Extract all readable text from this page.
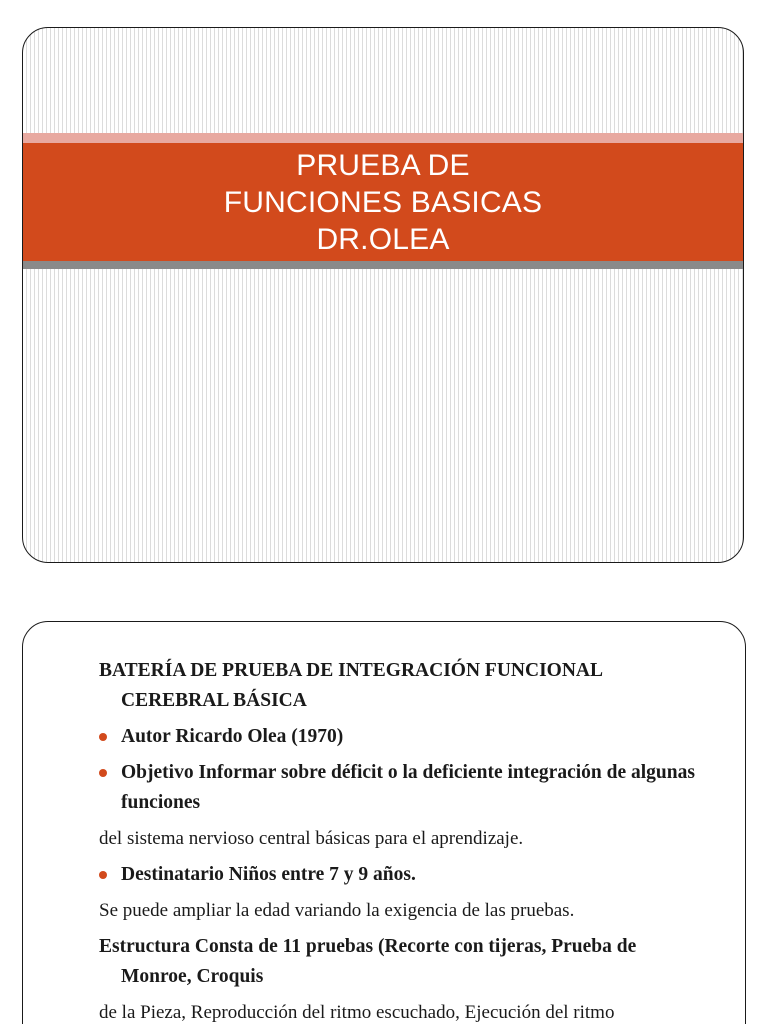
PRUEBA DE
FUNCIONES BASICAS
DR.OLEA
BATERÍA DE PRUEBA DE INTEGRACIÓN FUNCIONAL CEREBRAL BÁSICA
Autor Ricardo Olea (1970)
Objetivo Informar sobre déficit o la deficiente integración de algunas funciones
del sistema nervioso central básicas para el aprendizaje.
Destinatario Niños entre 7 y 9 años.
Se puede ampliar la edad variando la exigencia de las pruebas.
Estructura Consta de 11 pruebas (Recorte con tijeras, Prueba de Monroe, Croquis
de la Pieza, Reproducción del ritmo escuchado, Ejecución del ritmo
